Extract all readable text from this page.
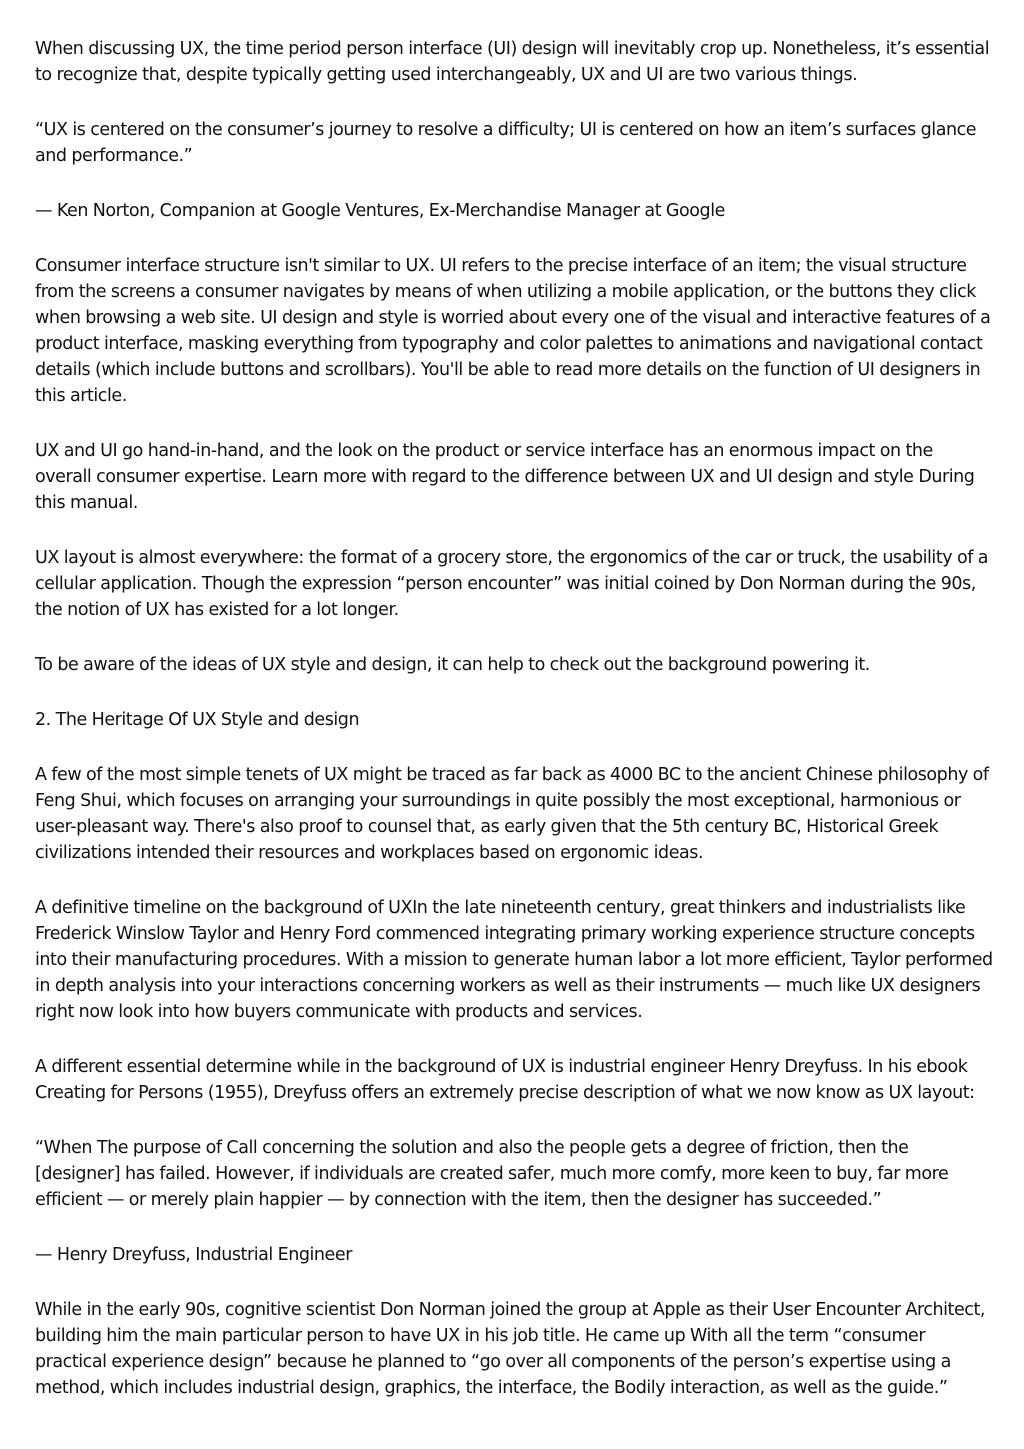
When discussing UX, the time period person interface (UI) design will inevitably crop up. Nonetheless, it’s essential to recognize that, despite typically getting used interchangeably, UX and UI are two various things.

“UX is centered on the consumer’s journey to resolve a difficulty; UI is centered on how an item’s surfaces glance and performance.”

— Ken Norton, Companion at Google Ventures, Ex-Merchandise Manager at Google

Consumer interface structure isn't similar to UX. UI refers to the precise interface of an item; the visual structure from the screens a consumer navigates by means of when utilizing a mobile application, or the buttons they click when browsing a web site. UI design and style is worried about every one of the visual and interactive features of a product interface, masking everything from typography and color palettes to animations and navigational contact details (which include buttons and scrollbars). You'll be able to read more details on the function of UI designers in this article.

UX and UI go hand-in-hand, and the look on the product or service interface has an enormous impact on the overall consumer expertise. Learn more with regard to the difference between UX and UI design and style During this manual.

UX layout is almost everywhere: the format of a grocery store, the ergonomics of the car or truck, the usability of a cellular application. Though the expression “person encounter” was initial coined by Don Norman during the 90s, the notion of UX has existed for a lot longer.

To be aware of the ideas of UX style and design, it can help to check out the background powering it.

2. The Heritage Of UX Style and design

A few of the most simple tenets of UX might be traced as far back as 4000 BC to the ancient Chinese philosophy of Feng Shui, which focuses on arranging your surroundings in quite possibly the most exceptional, harmonious or user-pleasant way. There's also proof to counsel that, as early given that the 5th century BC, Historical Greek civilizations intended their resources and workplaces based on ergonomic ideas.

A definitive timeline on the background of UXIn the late nineteenth century, great thinkers and industrialists like Frederick Winslow Taylor and Henry Ford commenced integrating primary working experience structure concepts into their manufacturing procedures. With a mission to generate human labor a lot more efficient, Taylor performed in depth analysis into your interactions concerning workers as well as their instruments — much like UX designers right now look into how buyers communicate with products and services.

A different essential determine while in the background of UX is industrial engineer Henry Dreyfuss. In his ebook Creating for Persons (1955), Dreyfuss offers an extremely precise description of what we now know as UX layout:

“When The purpose of Call concerning the solution and also the people gets a degree of friction, then the [designer] has failed. However, if individuals are created safer, much more comfy, more keen to buy, far more efficient — or merely plain happier — by connection with the item, then the designer has succeeded.”

— Henry Dreyfuss, Industrial Engineer

While in the early 90s, cognitive scientist Don Norman joined the group at Apple as their User Encounter Architect, building him the main particular person to have UX in his job title. He came up With all the term “consumer practical experience design” because he planned to “go over all components of the person’s expertise using a method, which includes industrial design, graphics, the interface, the Bodily interaction, as well as the guide.”
